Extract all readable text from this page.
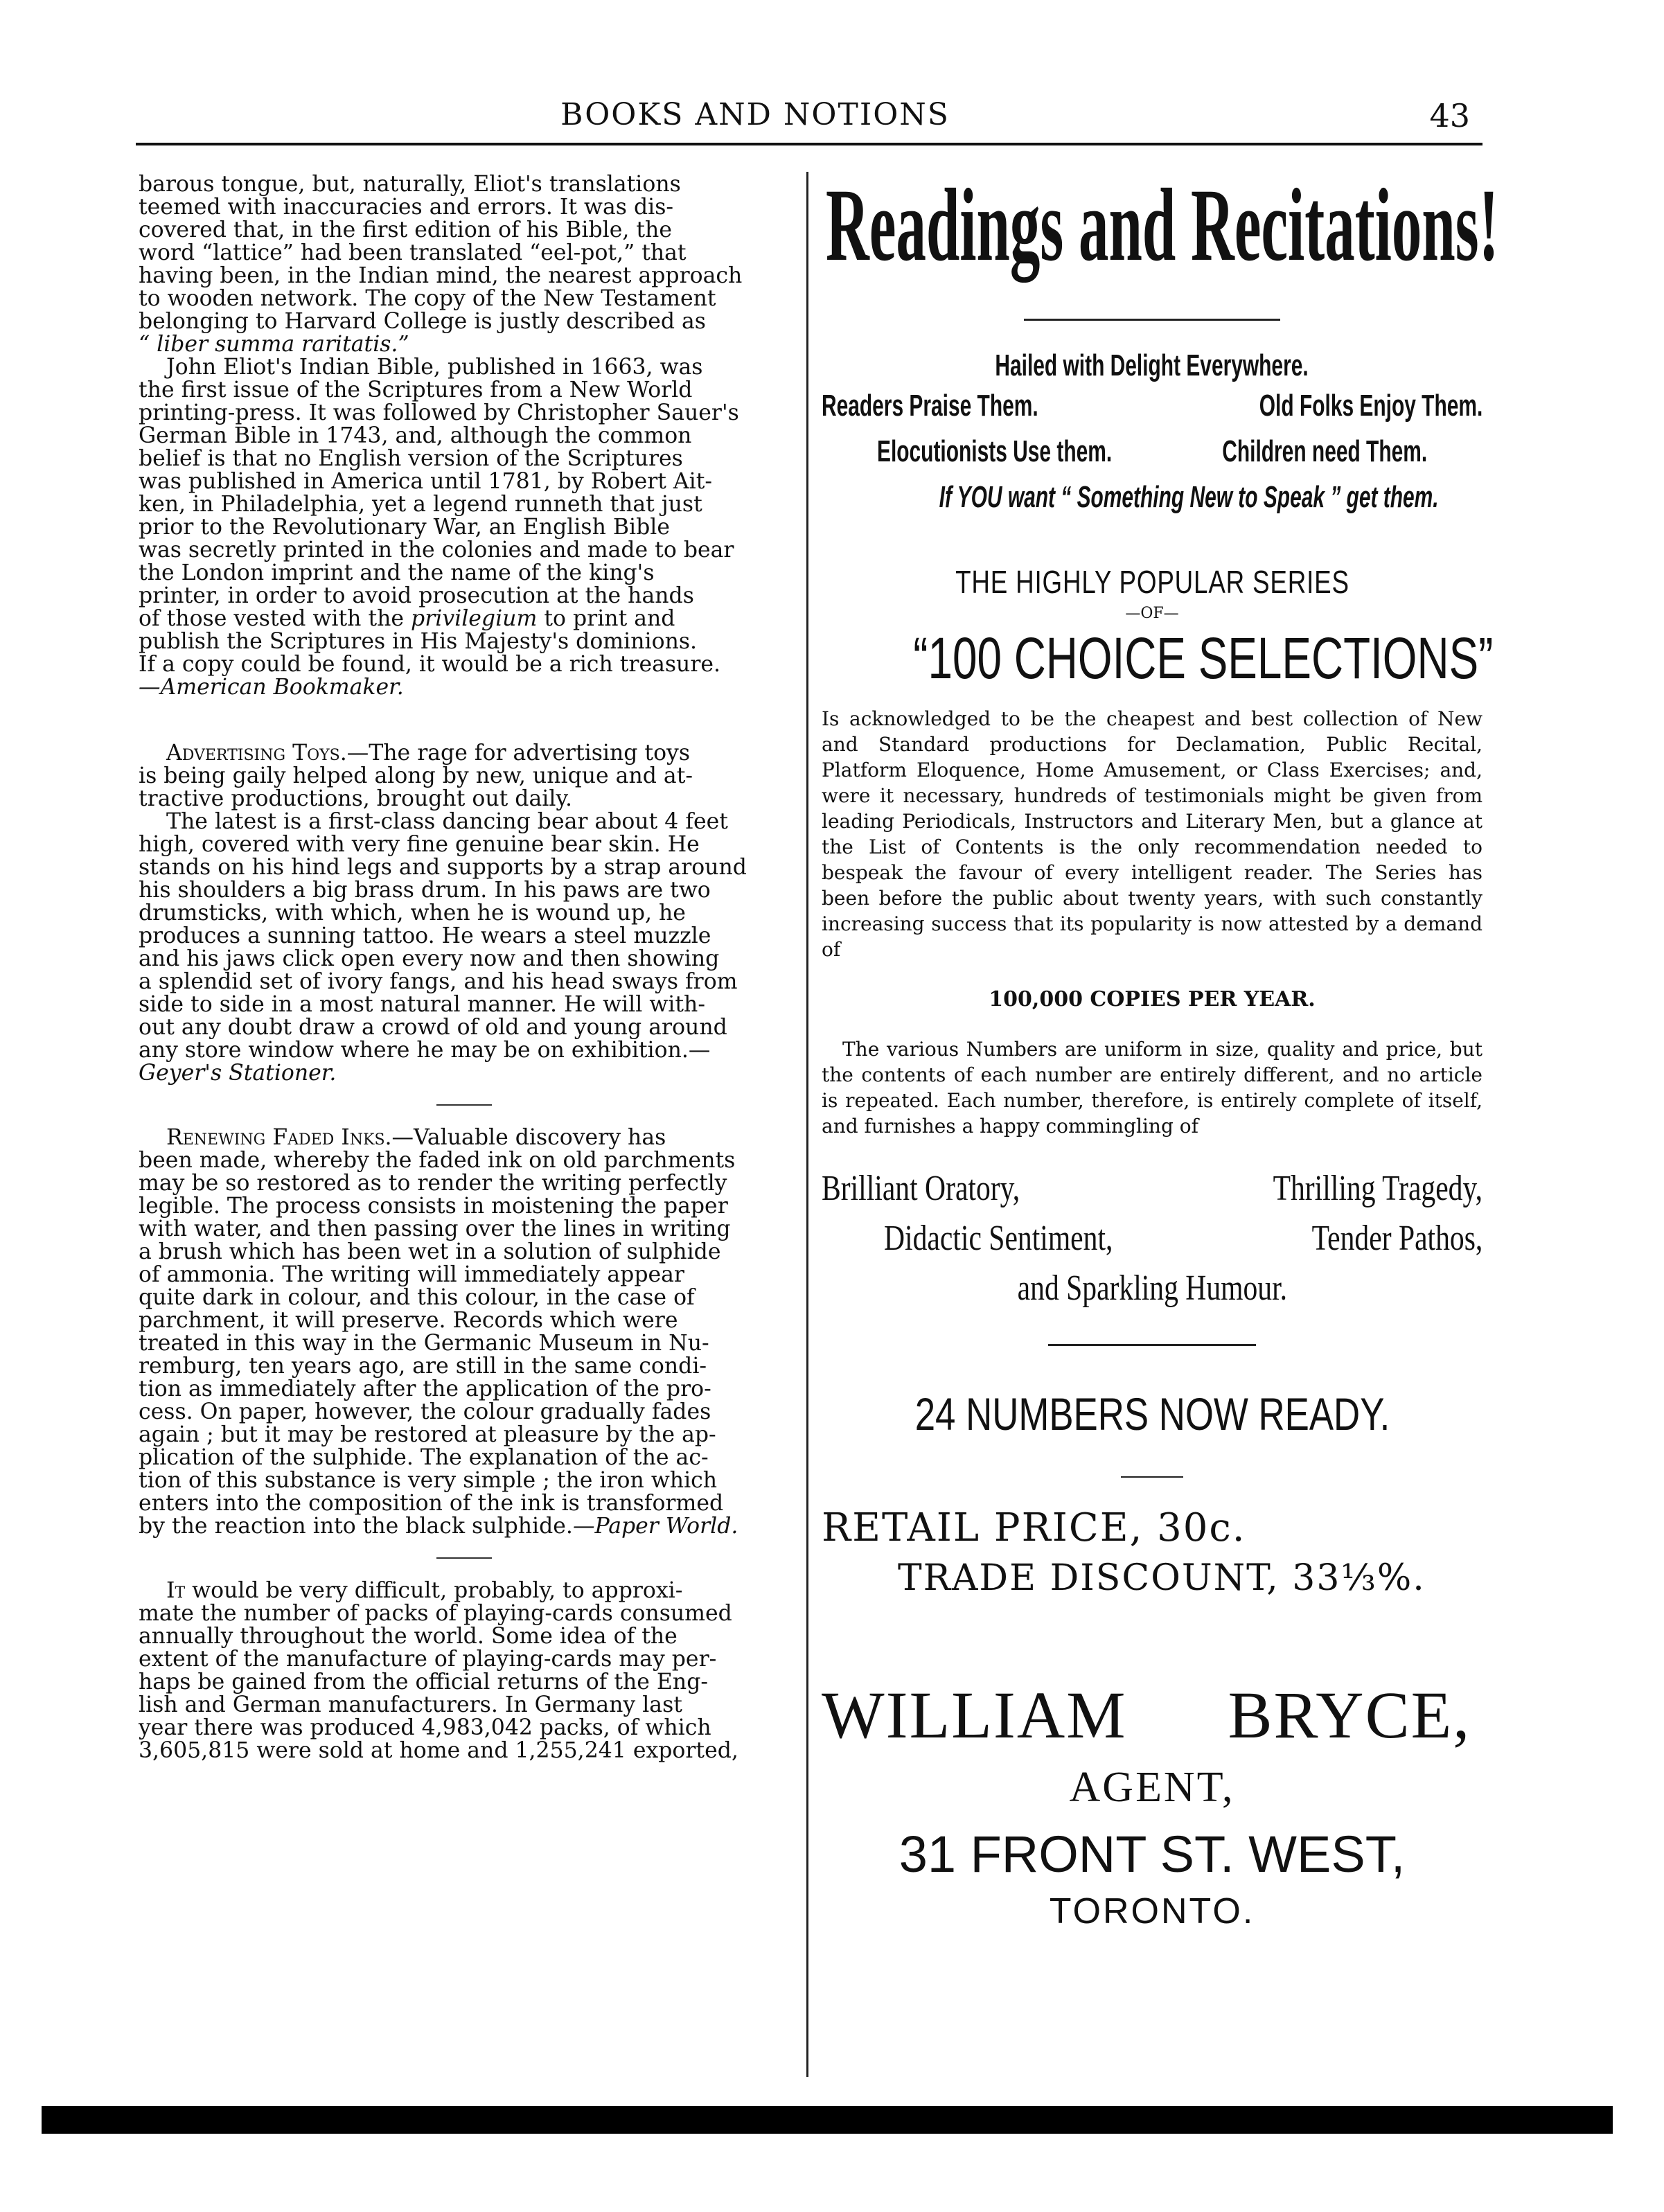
BOOKS AND NOTIONS	43

barous tongue, but, naturally, Eliot's translations

teemed with inaccuracies and errors. It was dis-

covered that, in the first edition of his Bible, the

word “lattice” had been translated “eel-pot,” that

having been, in the Indian mind, the nearest approach

to wooden network. The copy of the New Testament

belonging to Harvard College is justly described as

“ liber summa raritatis.”

John Eliot's Indian Bible, published in 1663, was

the first issue of the Scriptures from a New World

printing-press. It was followed by Christopher Sauer's

German Bible in 1743, and, although the common

belief is that no English version of the Scriptures

was published in America until 1781, by Robert Ait-

ken, in Philadelphia, yet a legend runneth that just

prior to the Revolutionary War, an English Bible

was secretly printed in the colonies and made to bear

the London imprint and the name of the king's

printer, in order to avoid prosecution at the hands

of those vested with the privilegium to print and

publish the Scriptures in His Majesty's dominions.

If a copy could be found, it would be a rich treasure.

—American Bookmaker.

Advertising Toys.—The rage for advertising toys

is being gaily helped along by new, unique and at-

tractive productions, brought out daily.

The latest is a first-class dancing bear about 4 feet

high, covered with very fine genuine bear skin. He

stands on his hind legs and supports by a strap around

his shoulders a big brass drum. In his paws are two

drumsticks, with which, when he is wound up, he

produces a sunning tattoo. He wears a steel muzzle

and his jaws click open every now and then showing

a splendid set of ivory fangs, and his head sways from

side to side in a most natural manner. He will with-

out any doubt draw a crowd of old and young around

any store window where he may be on exhibition.—

Geyer's Stationer.

Renewing Faded Inks.—Valuable discovery has

been made, whereby the faded ink on old parchments

may be so restored as to render the writing perfectly

legible. The process consists in moistening the paper

with water, and then passing over the lines in writing

a brush which has been wet in a solution of sulphide

of ammonia. The writing will immediately appear

quite dark in colour, and this colour, in the case of

parchment, it will preserve. Records which were

treated in this way in the Germanic Museum in Nu-

remburg, ten years ago, are still in the same condi-

tion as immediately after the application of the pro-

cess. On paper, however, the colour gradually fades

again ; but it may be restored at pleasure by the ap-

plication of the sulphide. The explanation of the ac-

tion of this substance is very simple ; the iron which

enters into the composition of the ink is transformed

by the reaction into the black sulphide.—Paper World.

It would be very difficult, probably, to approxi-

mate the number of packs of playing-cards consumed

annually throughout the world. Some idea of the

extent of the manufacture of playing-cards may per-

haps be gained from the official returns of the Eng-

lish and German manufacturers. In Germany last

year there was produced 4,983,042 packs, of which

3,605,815 were sold at home and 1,255,241 exported,

Readings and Recitations!
Hailed with Delight Everywhere.
Readers Praise Them.	Old Folks Enjoy Them.
Elocutionists Use them.	Children need Them.
If YOU want “ Something New to Speak ” get them.
THE HIGHLY POPULAR SERIES
—OF—
“100 CHOICE SELECTIONS”

Is acknowledged to be the cheapest and best collection of New and Standard productions for Declamation, Public Recital, Platform Eloquence, Home Amusement, or Class Exercises; and, were it necessary, hundreds of testimonials might be given from leading Periodicals, Instructors and Literary Men, but a glance at the List of Contents is the only recommendation needed to bespeak the favour of every intelligent reader. The Series has been before the public about twenty years, with such constantly increasing success that its popularity is now attested by a demand of

100,000 COPIES PER YEAR.

The various Numbers are uniform in size, quality and price, but the contents of each number are entirely different, and no article is repeated. Each number, therefore, is entirely complete of itself, and furnishes a happy commingling of

Brilliant Oratory,	Thrilling Tragedy,
Didactic Sentiment,	Tender Pathos,
and Sparkling Humour.
24 NUMBERS NOW READY.
RETAIL PRICE, 30c.
TRADE DISCOUNT, 33⅓%.
WILLIAM BRYCE,
AGENT,
31 FRONT ST. WEST,
TORONTO.
